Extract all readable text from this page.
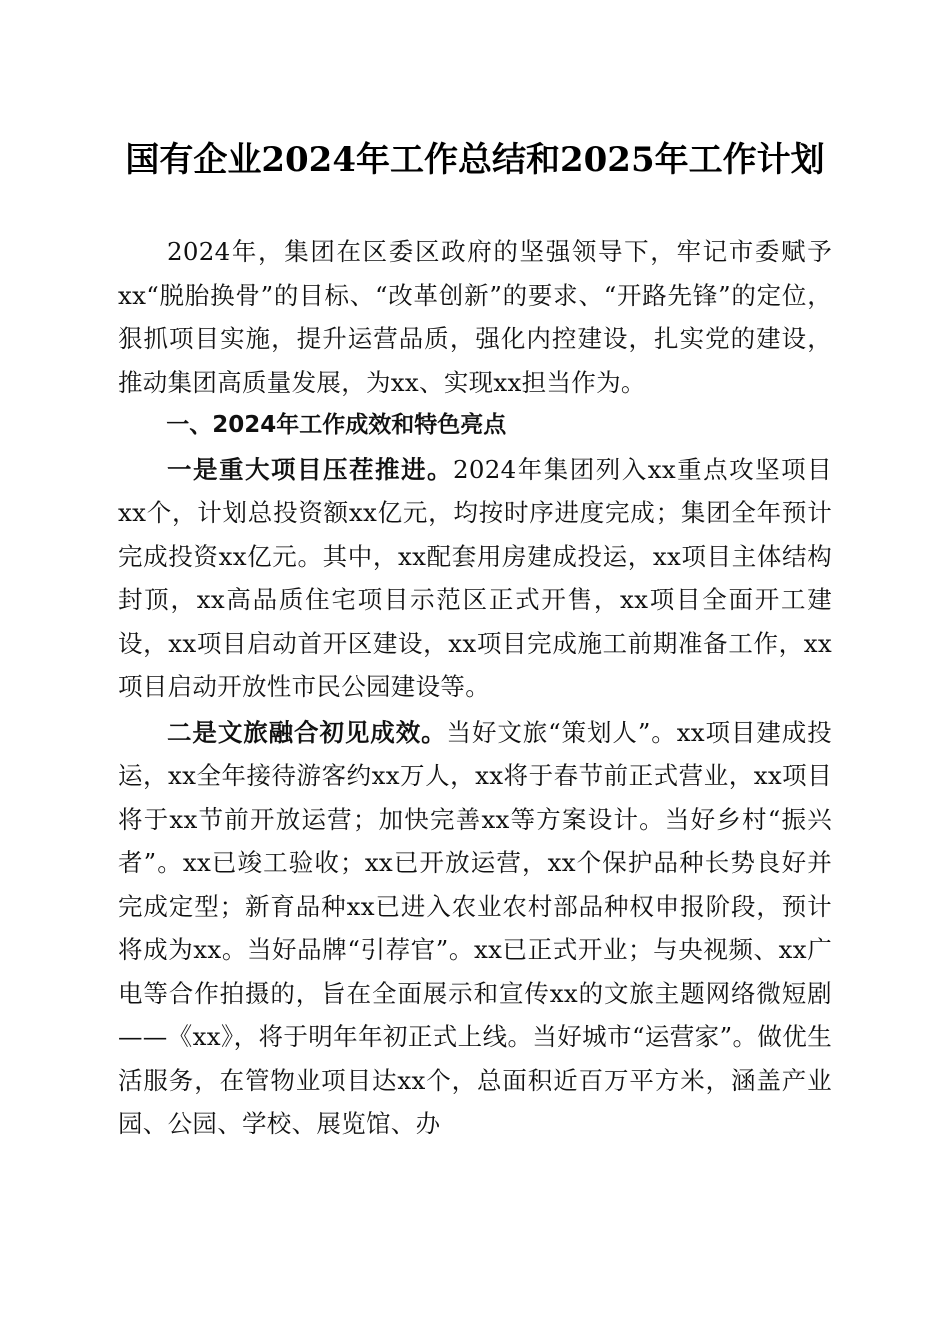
国有企业2024年工作总结和2025年工作计划

2024年，集团在区委区政府的坚强领导下，牢记市委赋予xx“脱胎换骨”的目标、“改革创新”的要求、“开路先锋”的定位，狠抓项目实施，提升运营品质，强化内控建设，扎实党的建设，推动集团高质量发展，为xx、实现xx担当作为。

一、2024年工作成效和特色亮点

一是重大项目压茬推进。2024年集团列入xx重点攻坚项目xx个，计划总投资额xx亿元，均按时序进度完成；集团全年预计完成投资xx亿元。其中，xx配套用房建成投运，xx项目主体结构封顶，xx高品质住宅项目示范区正式开售，xx项目全面开工建设，xx项目启动首开区建设，xx项目完成施工前期准备工作，xx项目启动开放性市民公园建设等。

二是文旅融合初见成效。当好文旅“策划人”。xx项目建成投运，xx全年接待游客约xx万人，xx将于春节前正式营业，xx项目将于xx节前开放运营；加快完善xx等方案设计。当好乡村“振兴者”。xx已竣工验收；xx已开放运营，xx个保护品种长势良好并完成定型；新育品种xx已进入农业农村部品种权申报阶段，预计将成为xx。当好品牌“引荐官”。xx已正式开业；与央视频、xx广电等合作拍摄的，旨在全面展示和宣传xx的文旅主题网络微短剧——《xx》，将于明年年初正式上线。当好城市“运营家”。做优生活服务，在管物业项目达xx个，总面积近百万平方米，涵盖产业园、公园、学校、展览馆、办
